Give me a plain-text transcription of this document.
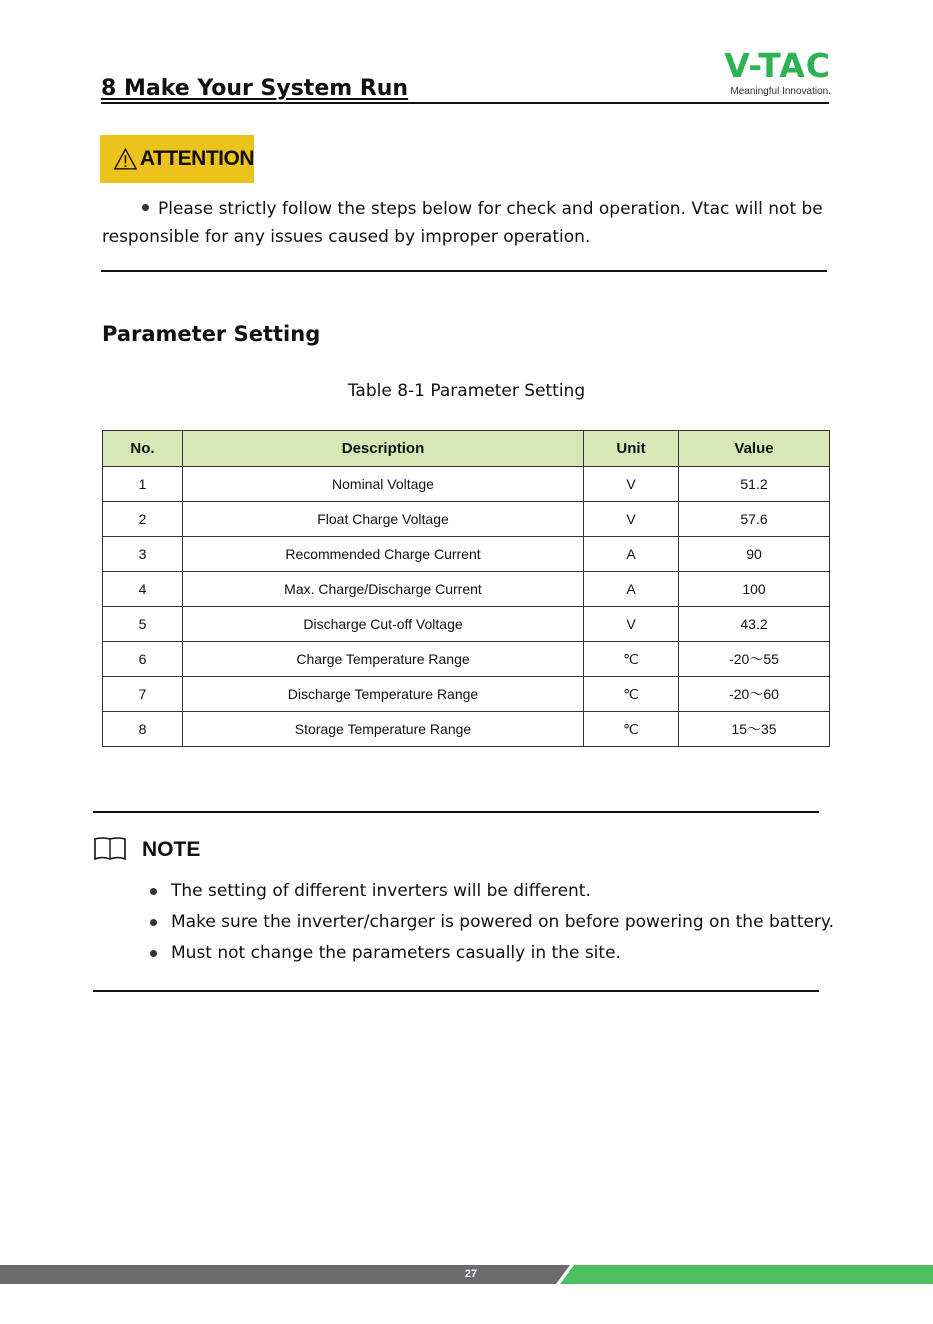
8 Make Your System Run
V-TAC
Meaningful Innovation.
ATTENTION
Please strictly follow the steps below for check and operation. Vtac will not be responsible for any issues caused by improper operation.
Parameter Setting
Table 8-1 Parameter Setting
No.	Description	Unit	Value
1	Nominal Voltage	V	51.2
2	Float Charge Voltage	V	57.6
3	Recommended Charge Current	A	90
4	Max. Charge/Discharge Current	A	100
5	Discharge Cut-off Voltage	V	43.2
6	Charge Temperature Range	℃	-20～55
7	Discharge Temperature Range	℃	-20～60
8	Storage Temperature Range	℃	15～35
NOTE
The setting of different inverters will be different.
Make sure the inverter/charger is powered on before powering on the battery.
Must not change the parameters casually in the site.
27
